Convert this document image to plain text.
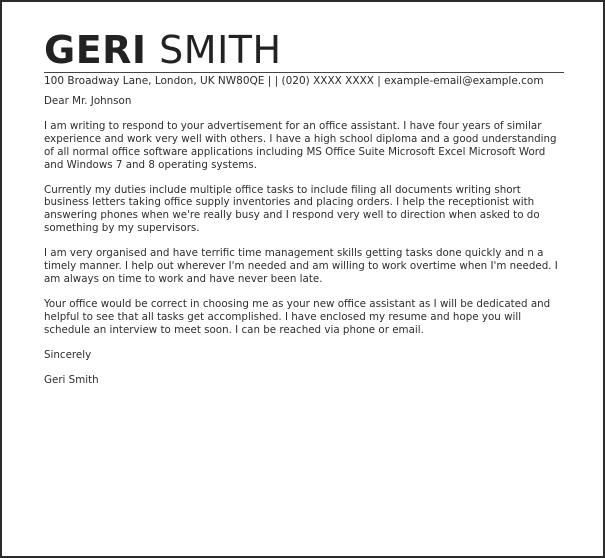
GERI SMITH
100 Broadway Lane, London, UK NW80QE | | (020) XXXX XXXX | example-email@example.com

Dear Mr. Johnson

I am writing to respond to your advertisement for an office assistant. I have four years of similar experience and work very well with others. I have a high school diploma and a good understanding of all normal office software applications including MS Office Suite Microsoft Excel Microsoft Word and Windows 7 and 8 operating systems.

Currently my duties include multiple office tasks to include filing all documents writing short business letters taking office supply inventories and placing orders. I help the receptionist with answering phones when we're really busy and I respond very well to direction when asked to do something by my supervisors.

I am very organised and have terrific time management skills getting tasks done quickly and n a timely manner. I help out wherever I'm needed and am willing to work overtime when I'm needed. I am always on time to work and have never been late.

Your office would be correct in choosing me as your new office assistant as I will be dedicated and helpful to see that all tasks get accomplished. I have enclosed my resume and hope you will schedule an interview to meet soon. I can be reached via phone or email.

Sincerely

Geri Smith
